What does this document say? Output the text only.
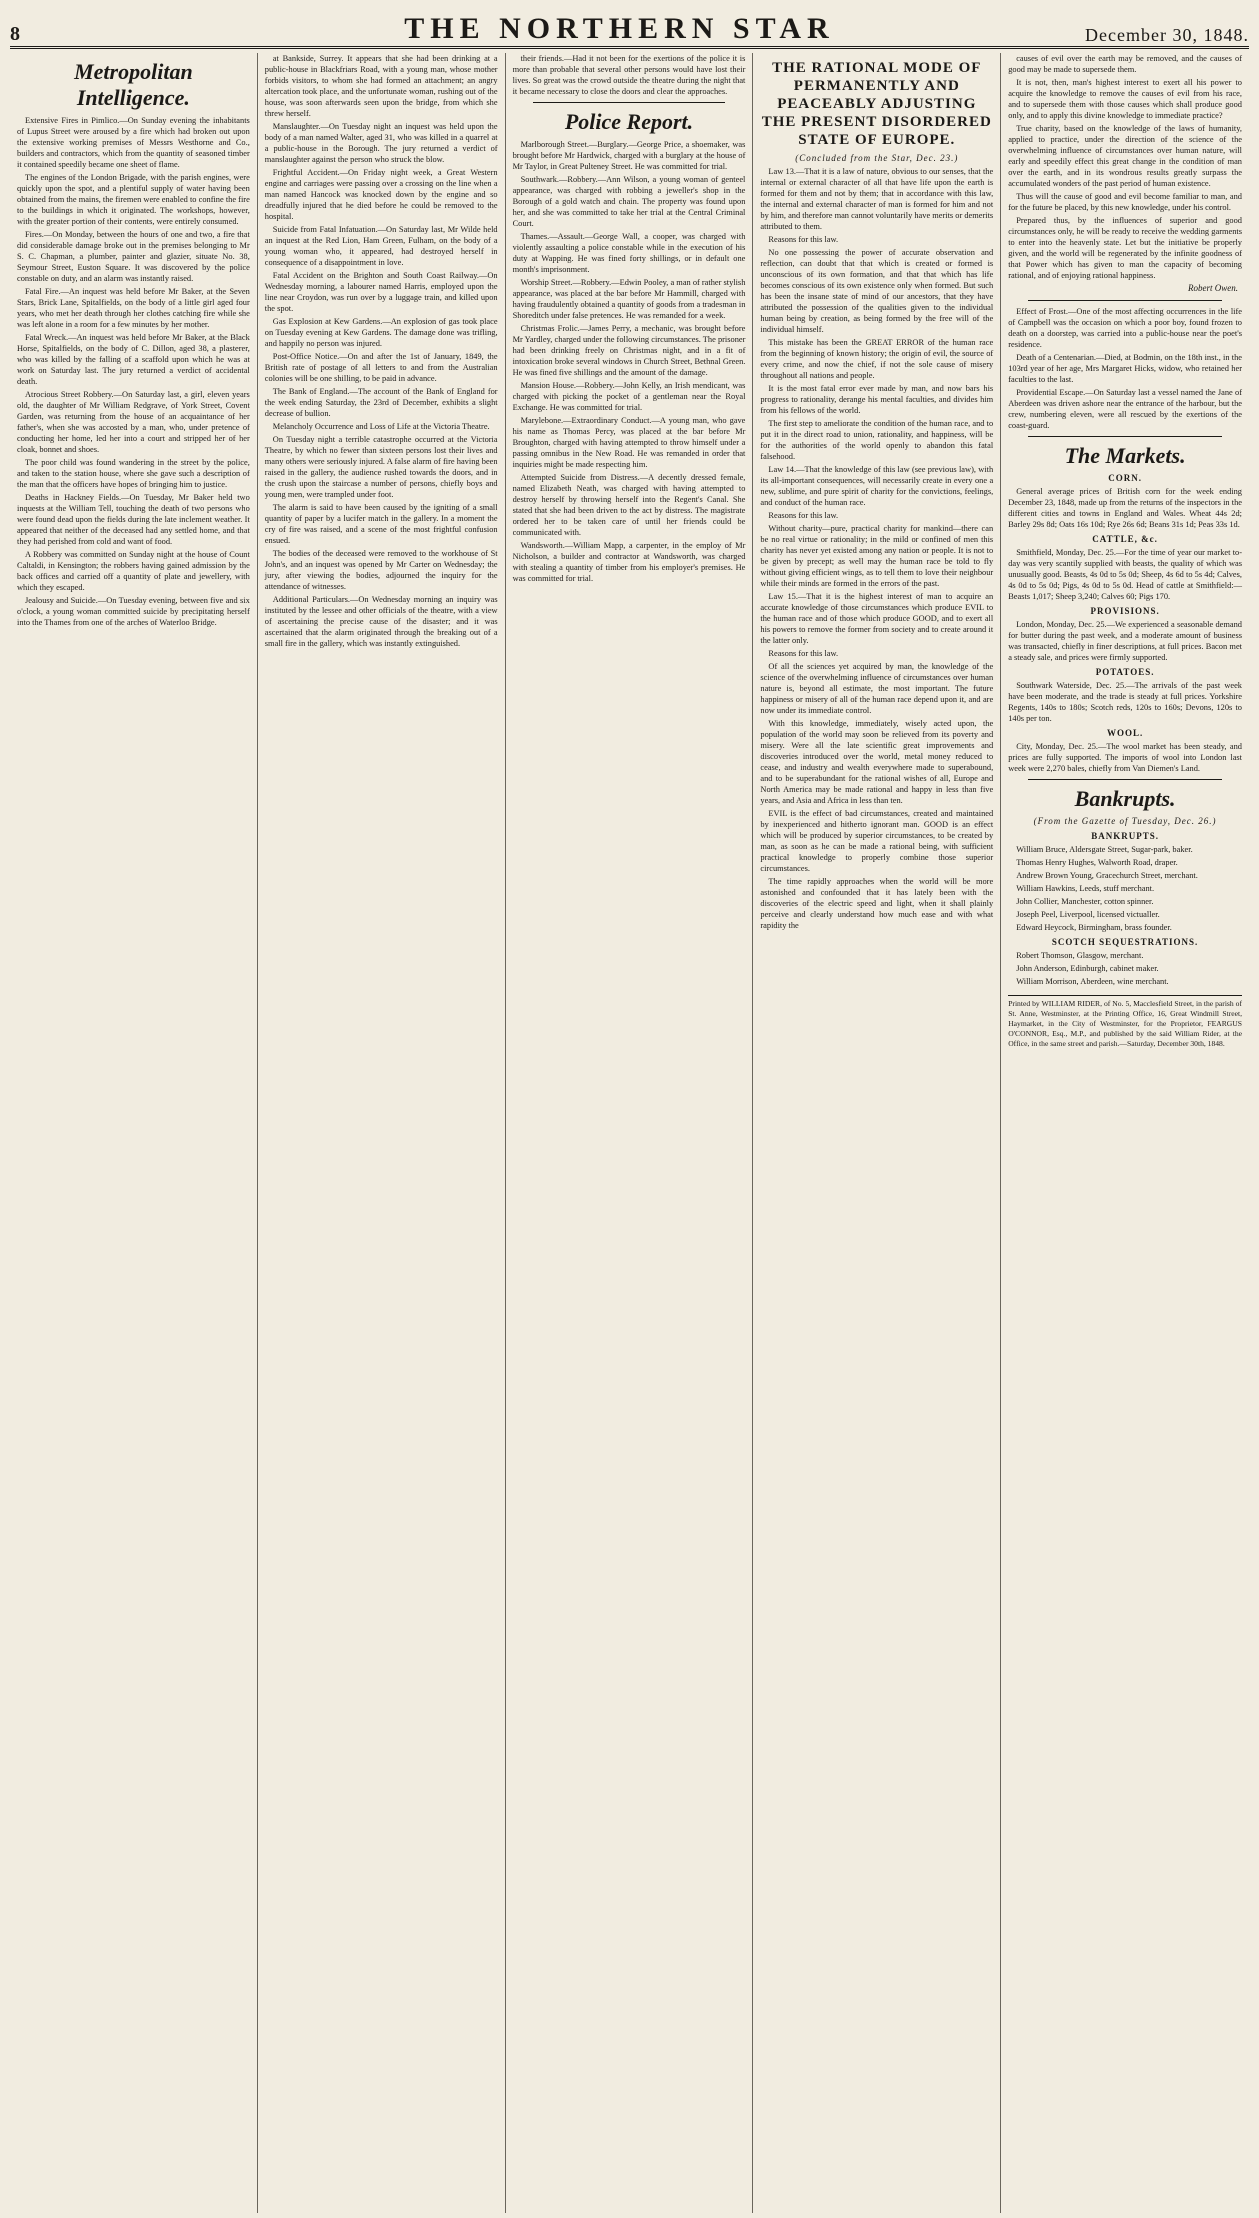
8	THE NORTHERN STAR	December 30, 1848.
Metropolitan Intelligence.

Extensive Fires in Pimlico.—On Sunday evening the inhabitants of Lupus Street were aroused by a fire which had broken out upon the extensive working premises of Messrs Westhorne and Co., builders and contractors, which from the quantity of seasoned timber it contained speedily became one sheet of flame.

The engines of the London Brigade, with the parish engines, were quickly upon the spot, and a plentiful supply of water having been obtained from the mains, the firemen were enabled to confine the fire to the buildings in which it originated. The workshops, however, with the greater portion of their contents, were entirely consumed.

Fires.—On Monday, between the hours of one and two, a fire that did considerable damage broke out in the premises belonging to Mr S. C. Chapman, a plumber, painter and glazier, situate No. 38, Seymour Street, Euston Square. It was discovered by the police constable on duty, and an alarm was instantly raised.

Fatal Fire.—An inquest was held before Mr Baker, at the Seven Stars, Brick Lane, Spitalfields, on the body of a little girl aged four years, who met her death through her clothes catching fire while she was left alone in a room for a few minutes by her mother.

Fatal Wreck.—An inquest was held before Mr Baker, at the Black Horse, Spitalfields, on the body of C. Dillon, aged 38, a plasterer, who was killed by the falling of a scaffold upon which he was at work on Saturday last. The jury returned a verdict of accidental death.

Atrocious Street Robbery.—On Saturday last, a girl, eleven years old, the daughter of Mr William Redgrave, of York Street, Covent Garden, was returning from the house of an acquaintance of her father's, when she was accosted by a man, who, under pretence of conducting her home, led her into a court and stripped her of her cloak, bonnet and shoes.

The poor child was found wandering in the street by the police, and taken to the station house, where she gave such a description of the man that the officers have hopes of bringing him to justice.

Deaths in Hackney Fields.—On Tuesday, Mr Baker held two inquests at the William Tell, touching the death of two persons who were found dead upon the fields during the late inclement weather. It appeared that neither of the deceased had any settled home, and that they had perished from cold and want of food.

A Robbery was committed on Sunday night at the house of Count Caltaldi, in Kensington; the robbers having gained admission by the back offices and carried off a quantity of plate and jewellery, with which they escaped.

Jealousy and Suicide.—On Tuesday evening, between five and six o'clock, a young woman committed suicide by precipitating herself into the Thames from one of the arches of Waterloo Bridge.

at Bankside, Surrey. It appears that she had been drinking at a public-house in Blackfriars Road, with a young man, whose mother forbids visitors, to whom she had formed an attachment; an angry altercation took place, and the unfortunate woman, rushing out of the house, was soon afterwards seen upon the bridge, from which she threw herself.

Manslaughter.—On Tuesday night an inquest was held upon the body of a man named Walter, aged 31, who was killed in a quarrel at a public-house in the Borough. The jury returned a verdict of manslaughter against the person who struck the blow.

Frightful Accident.—On Friday night week, a Great Western engine and carriages were passing over a crossing on the line when a man named Hancock was knocked down by the engine and so dreadfully injured that he died before he could be removed to the hospital.

Suicide from Fatal Infatuation.—On Saturday last, Mr Wilde held an inquest at the Red Lion, Ham Green, Fulham, on the body of a young woman who, it appeared, had destroyed herself in consequence of a disappointment in love.

Fatal Accident on the Brighton and South Coast Railway.—On Wednesday morning, a labourer named Harris, employed upon the line near Croydon, was run over by a luggage train, and killed upon the spot.

Gas Explosion at Kew Gardens.—An explosion of gas took place on Tuesday evening at Kew Gardens. The damage done was trifling, and happily no person was injured.

Post-Office Notice.—On and after the 1st of January, 1849, the British rate of postage of all letters to and from the Australian colonies will be one shilling, to be paid in advance.

The Bank of England.—The account of the Bank of England for the week ending Saturday, the 23rd of December, exhibits a slight decrease of bullion.

Melancholy Occurrence and Loss of Life at the Victoria Theatre.

On Tuesday night a terrible catastrophe occurred at the Victoria Theatre, by which no fewer than sixteen persons lost their lives and many others were seriously injured. A false alarm of fire having been raised in the gallery, the audience rushed towards the doors, and in the crush upon the staircase a number of persons, chiefly boys and young men, were trampled under foot.

The alarm is said to have been caused by the igniting of a small quantity of paper by a lucifer match in the gallery. In a moment the cry of fire was raised, and a scene of the most frightful confusion ensued.

The bodies of the deceased were removed to the workhouse of St John's, and an inquest was opened by Mr Carter on Wednesday; the jury, after viewing the bodies, adjourned the inquiry for the attendance of witnesses.

Additional Particulars.—On Wednesday morning an inquiry was instituted by the lessee and other officials of the theatre, with a view of ascertaining the precise cause of the disaster; and it was ascertained that the alarm originated through the breaking out of a small fire in the gallery, which was instantly extinguished.

their friends.—Had it not been for the exertions of the police it is more than probable that several other persons would have lost their lives. So great was the crowd outside the theatre during the night that it became necessary to close the doors and clear the approaches.

Police Report.

Marlborough Street.—Burglary.—George Price, a shoemaker, was brought before Mr Hardwick, charged with a burglary at the house of Mr Taylor, in Great Pulteney Street. He was committed for trial.

Southwark.—Robbery.—Ann Wilson, a young woman of genteel appearance, was charged with robbing a jeweller's shop in the Borough of a gold watch and chain. The property was found upon her, and she was committed to take her trial at the Central Criminal Court.

Thames.—Assault.—George Wall, a cooper, was charged with violently assaulting a police constable while in the execution of his duty at Wapping. He was fined forty shillings, or in default one month's imprisonment.

Worship Street.—Robbery.—Edwin Pooley, a man of rather stylish appearance, was placed at the bar before Mr Hammill, charged with having fraudulently obtained a quantity of goods from a tradesman in Shoreditch under false pretences. He was remanded for a week.

Christmas Frolic.—James Perry, a mechanic, was brought before Mr Yardley, charged under the following circumstances. The prisoner had been drinking freely on Christmas night, and in a fit of intoxication broke several windows in Church Street, Bethnal Green. He was fined five shillings and the amount of the damage.

Mansion House.—Robbery.—John Kelly, an Irish mendicant, was charged with picking the pocket of a gentleman near the Royal Exchange. He was committed for trial.

Marylebone.—Extraordinary Conduct.—A young man, who gave his name as Thomas Percy, was placed at the bar before Mr Broughton, charged with having attempted to throw himself under a passing omnibus in the New Road. He was remanded in order that inquiries might be made respecting him.

Attempted Suicide from Distress.—A decently dressed female, named Elizabeth Neath, was charged with having attempted to destroy herself by throwing herself into the Regent's Canal. She stated that she had been driven to the act by distress. The magistrate ordered her to be taken care of until her friends could be communicated with.

Wandsworth.—William Mapp, a carpenter, in the employ of Mr Nicholson, a builder and contractor at Wandsworth, was charged with stealing a quantity of timber from his employer's premises. He was committed for trial.

THE RATIONAL MODE OF PERMANENTLY AND PEACEABLY ADJUSTING THE PRESENT DISORDERED STATE OF EUROPE.
(Concluded from the Star, Dec. 23.)

Law 13.—That it is a law of nature, obvious to our senses, that the internal or external character of all that have life upon the earth is formed for them and not by them; that in accordance with this law, the internal and external character of man is formed for him and not by him, and therefore man cannot voluntarily have merits or demerits attributed to them.

Reasons for this law.

No one possessing the power of accurate observation and reflection, can doubt that that which is created or formed is unconscious of its own formation, and that that which has life becomes conscious of its own existence only when formed. But such has been the insane state of mind of our ancestors, that they have attributed the possession of the qualities given to the individual human being by creation, as being formed by the free will of the individual himself.

This mistake has been the GREAT ERROR of the human race from the beginning of known history; the origin of evil, the source of every crime, and now the chief, if not the sole cause of misery throughout all nations and people.

It is the most fatal error ever made by man, and now bars his progress to rationality, derange his mental faculties, and divides him from his fellows of the world.

The first step to ameliorate the condition of the human race, and to put it in the direct road to union, rationality, and happiness, will be for the authorities of the world openly to abandon this fatal falsehood.

Law 14.—That the knowledge of this law (see previous law), with its all-important consequences, will necessarily create in every one a new, sublime, and pure spirit of charity for the convictions, feelings, and conduct of the human race.

Reasons for this law.

Without charity—pure, practical charity for mankind—there can be no real virtue or rationality; in the mild or confined of men this charity has never yet existed among any nation or people. It is not to be given by precept; as well may the human race be told to fly without giving efficient wings, as to tell them to love their neighbour while their minds are formed in the errors of the past.

Law 15.—That it is the highest interest of man to acquire an accurate knowledge of those circumstances which produce EVIL to the human race and of those which produce GOOD, and to exert all his powers to remove the former from society and to create around it the latter only.

Reasons for this law.

Of all the sciences yet acquired by man, the knowledge of the science of the overwhelming influence of circumstances over human nature is, beyond all estimate, the most important. The future happiness or misery of all of the human race depend upon it, and are now under its immediate control.

With this knowledge, immediately, wisely acted upon, the population of the world may soon be relieved from its poverty and misery. Were all the late scientific great improvements and discoveries introduced over the world, metal money reduced to cease, and industry and wealth everywhere made to superabound, and to be superabundant for the rational wishes of all, Europe and North America may be made rational and happy in less than five years, and Asia and Africa in less than ten.

EVIL is the effect of bad circumstances, created and maintained by inexperienced and hitherto ignorant man. GOOD is an effect which will be produced by superior circumstances, to be created by man, as soon as he can be made a rational being, with sufficient practical knowledge to properly combine those superior circumstances.

The time rapidly approaches when the world will be more astonished and confounded that it has lately been with the discoveries of the electric speed and light, when it shall plainly perceive and clearly understand how much ease and with what rapidity the

causes of evil over the earth may be removed, and the causes of good may be made to supersede them.

It is not, then, man's highest interest to exert all his power to acquire the knowledge to remove the causes of evil from his race, and to supersede them with those causes which shall produce good only, and to apply this divine knowledge to immediate practice?

True charity, based on the knowledge of the laws of humanity, applied to practice, under the direction of the science of the overwhelming influence of circumstances over human nature, will early and speedily effect this great change in the condition of man over the earth, and in its wondrous results greatly surpass the accumulated wonders of the past period of human existence.

Thus will the cause of good and evil become familiar to man, and for the future be placed, by this new knowledge, under his control.

Prepared thus, by the influences of superior and good circumstances only, he will be ready to receive the wedding garments to enter into the heavenly state. Let but the initiative be properly given, and the world will be regenerated by the infinite goodness of that Power which has given to man the capacity of becoming rational, and of enjoying rational happiness.

Robert Owen.

Effect of Frost.—One of the most affecting occurrences in the life of Campbell was the occasion on which a poor boy, found frozen to death on a doorstep, was carried into a public-house near the poet's residence.

Death of a Centenarian.—Died, at Bodmin, on the 18th inst., in the 103rd year of her age, Mrs Margaret Hicks, widow, who retained her faculties to the last.

Providential Escape.—On Saturday last a vessel named the Jane of Aberdeen was driven ashore near the entrance of the harbour, but the crew, numbering eleven, were all rescued by the exertions of the coast-guard.

The Markets.
CORN.

General average prices of British corn for the week ending December 23, 1848, made up from the returns of the inspectors in the different cities and towns in England and Wales. Wheat 44s 2d; Barley 29s 8d; Oats 16s 10d; Rye 26s 6d; Beans 31s 1d; Peas 33s 1d.

CATTLE, &c.

Smithfield, Monday, Dec. 25.—For the time of year our market to-day was very scantily supplied with beasts, the quality of which was unusually good. Beasts, 4s 0d to 5s 0d; Sheep, 4s 6d to 5s 4d; Calves, 4s 0d to 5s 0d; Pigs, 4s 0d to 5s 0d. Head of cattle at Smithfield:— Beasts 1,017; Sheep 3,240; Calves 60; Pigs 170.

PROVISIONS.

London, Monday, Dec. 25.—We experienced a seasonable demand for butter during the past week, and a moderate amount of business was transacted, chiefly in finer descriptions, at full prices. Bacon met a steady sale, and prices were firmly supported.

POTATOES.

Southwark Waterside, Dec. 25.—The arrivals of the past week have been moderate, and the trade is steady at full prices. Yorkshire Regents, 140s to 180s; Scotch reds, 120s to 160s; Devons, 120s to 140s per ton.

WOOL.

City, Monday, Dec. 25.—The wool market has been steady, and prices are fully supported. The imports of wool into London last week were 2,270 bales, chiefly from Van Diemen's Land.

Bankrupts.
(From the Gazette of Tuesday, Dec. 26.)
BANKRUPTS.

William Bruce, Aldersgate Street, Sugar-park, baker.

Thomas Henry Hughes, Walworth Road, draper.

Andrew Brown Young, Gracechurch Street, merchant.

William Hawkins, Leeds, stuff merchant.

John Collier, Manchester, cotton spinner.

Joseph Peel, Liverpool, licensed victualler.

Edward Heycock, Birmingham, brass founder.

SCOTCH SEQUESTRATIONS.

Robert Thomson, Glasgow, merchant.

John Anderson, Edinburgh, cabinet maker.

William Morrison, Aberdeen, wine merchant.

Printed by WILLIAM RIDER, of No. 5, Macclesfield Street, in the parish of St. Anne, Westminster, at the Printing Office, 16, Great Windmill Street, Haymarket, in the City of Westminster, for the Proprietor, FEARGUS O'CONNOR, Esq., M.P., and published by the said William Rider, at the Office, in the same street and parish.—Saturday, December 30th, 1848.
